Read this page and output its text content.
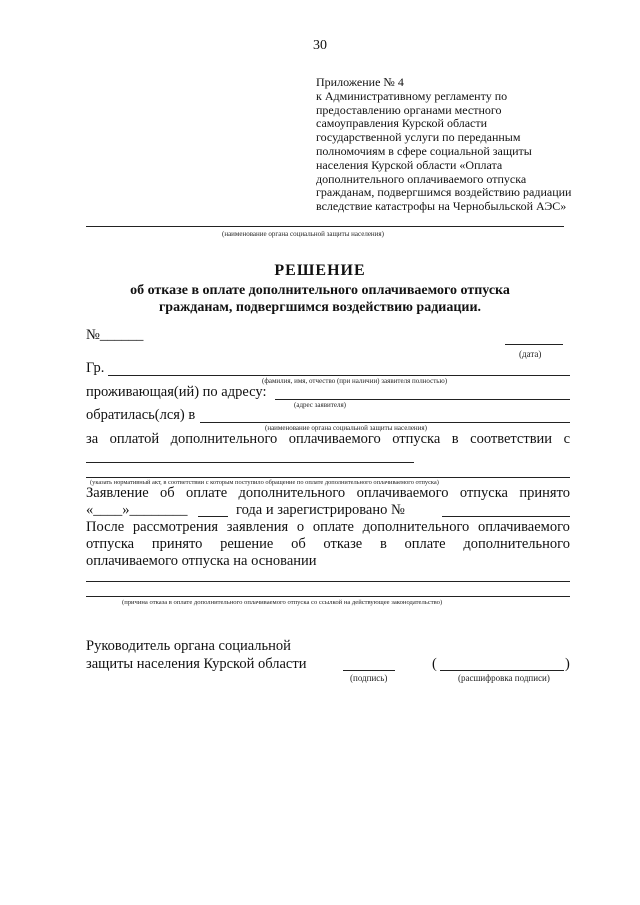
30
Приложение № 4
к Административному регламенту по
предоставлению органами местного
самоуправления Курской области
государственной услуги по переданным
полномочиям в сфере социальной защиты
населения Курской области «Оплата
дополнительного оплачиваемого отпуска
гражданам, подвергшимся воздействию радиации
вследствие катастрофы на Чернобыльской АЭС»
(наименование органа социальной защиты населения)
РЕШЕНИЕ
об отказе в оплате дополнительного оплачиваемого отпуска
гражданам, подвергшимся воздействию радиации.
№______
(дата)
Гр.
(фамилия, имя, отчество (при наличии) заявителя полностью)
проживающая(ий) по адресу:
(адрес заявителя)
обратилась(лся) в
(наименование органа социальной защиты населения)
за оплатой дополнительного оплачиваемого отпуска в соответствии с
(указать нормативный акт, в соответствии с которым поступило обращение по оплате дополнительного оплачиваемого отпуска)
Заявление об оплате дополнительного оплачиваемого отпуска принято
«____»________	года и зарегистрировано №
После рассмотрения заявления о оплате дополнительного оплачиваемого
отпуска принято решение об отказе в оплате дополнительного
оплачиваемого отпуска на основании
(причина отказа в оплате дополнительного оплачиваемого отпуска со ссылкой на действующее законодательство)
Руководитель органа социальной
защиты населения Курской области
(подпись)
(	)
(расшифровка подписи)
